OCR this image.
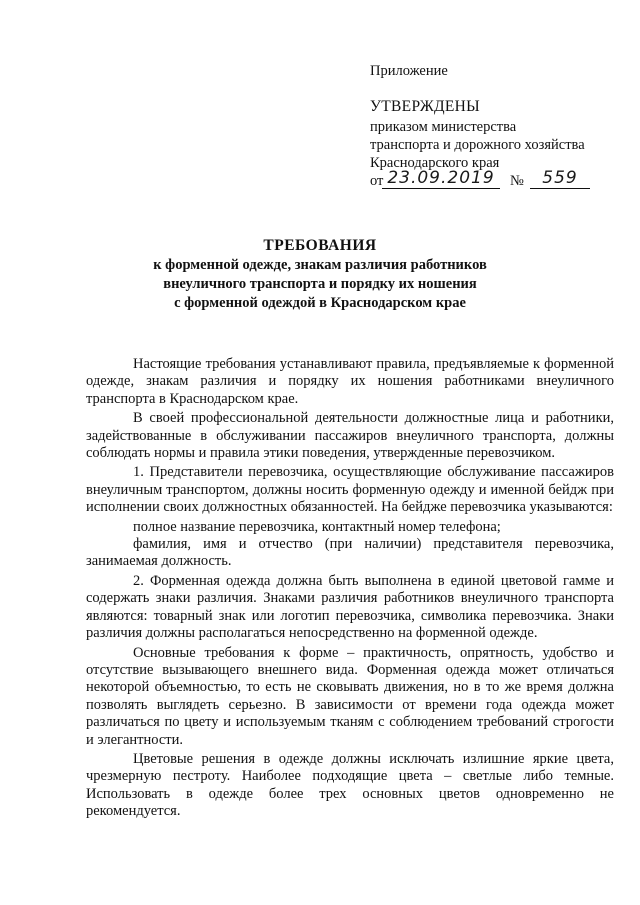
Приложение

УТВЕРЖДЕНЫ

приказом министерства

транспорта и дорожного хозяйства

Краснодарского края

от 23.09.2019	№	559
ТРЕБОВАНИЯ
к форменной одежде, знакам различия работников
внеуличного транспорта и порядку их ношения
с форменной одеждой в Краснодарском крае

Настоящие требования устанавливают правила, предъявляемые к форменной одежде, знакам различия и порядку их ношения работниками внеуличного транспорта в Краснодарском крае.

В своей профессиональной деятельности должностные лица и работники, задействованные в обслуживании пассажиров внеуличного транспорта, должны соблюдать нормы и правила этики поведения, утвержденные перевозчиком.

1. Представители перевозчика, осуществляющие обслуживание пассажиров внеуличным транспортом, должны носить форменную одежду и именной бейдж при исполнении своих должностных обязанностей. На бейдже перевозчика указываются:

полное название перевозчика, контактный номер телефона;

фамилия, имя и отчество (при наличии) представителя перевозчика, занимаемая должность.

2. Форменная одежда должна быть выполнена в единой цветовой гамме и содержать знаки различия. Знаками различия работников внеуличного транспорта являются: товарный знак или логотип перевозчика, символика перевозчика. Знаки различия должны располагаться непосредственно на форменной одежде.

Основные требования к форме – практичность, опрятность, удобство и отсутствие вызывающего внешнего вида. Форменная одежда может отличаться некоторой объемностью, то есть не сковывать движения, но в то же время должна позволять выглядеть серьезно. В зависимости от времени года одежда может различаться по цвету и используемым тканям с соблюдением требований строгости и элегантности.

Цветовые решения в одежде должны исключать излишние яркие цвета, чрезмерную пестроту. Наиболее подходящие цвета – светлые либо темные. Использовать в одежде более трех основных цветов одновременно не рекомендуется.
